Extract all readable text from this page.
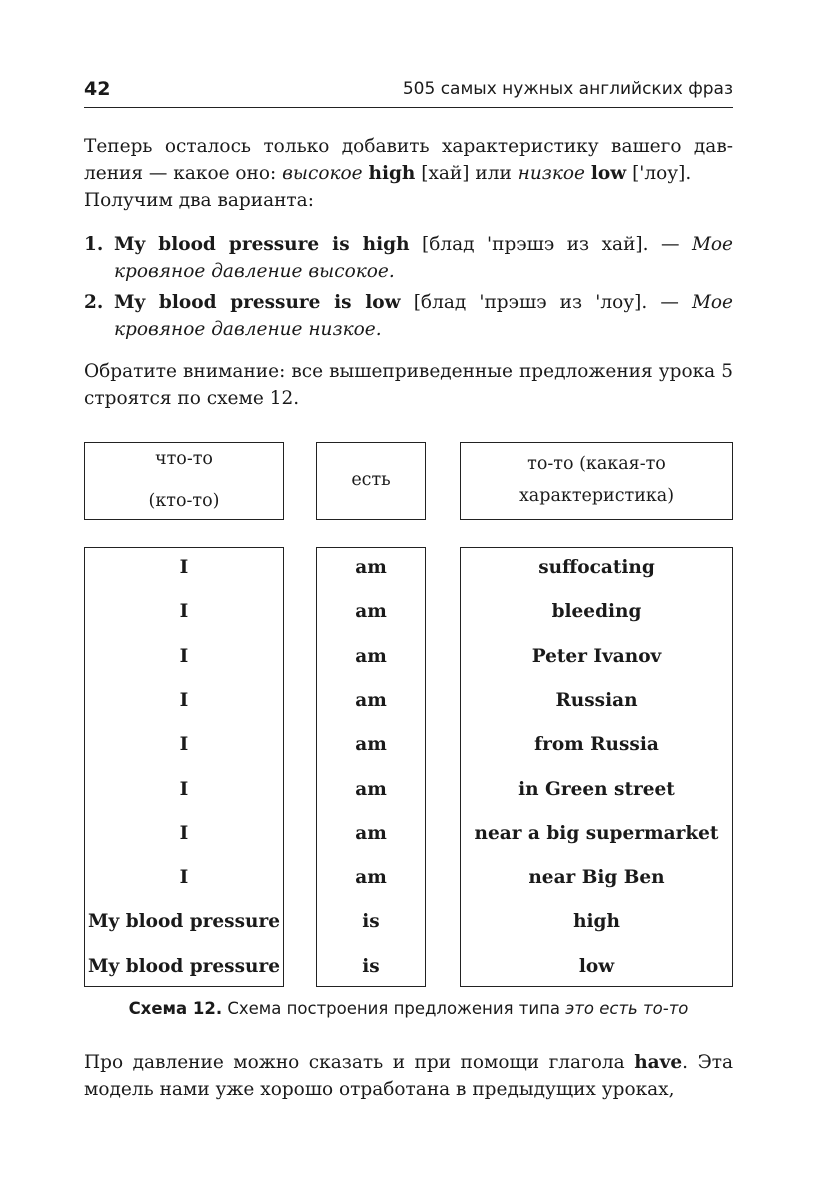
42	505 самых нужных английских фраз

Теперь осталось только добавить характеристику вашего дав-ления — какое оно: высокое high [хай] или низкое low ['лоу].
Получим два варианта:

1. My blood pressure is high [блад 'прэшэ из хай]. — Мое кровяное давление высокое.
2. My blood pressure is low [блад 'прэшэ из 'лоу]. — Мое кровяное давление низкое.

Обратите внимание: все вышеприведенные предложения урока 5 строятся по схеме 12.

что-то
(кто-то)
есть
то-то (какая-то
характеристика)
I
I
I
I
I
I
I
I
My blood pressure
My blood pressure
am
am
am
am
am
am
am
am
is
is
suffocating
bleeding
Peter Ivanov
Russian
from Russia
in Green street
near a big supermarket
near Big Ben
high
low
Схема 12. Схема построения предложения типа это есть то-то

Про давление можно сказать и при помощи глагола have. Эта модель нами уже хорошо отработана в предыдущих уроках,
